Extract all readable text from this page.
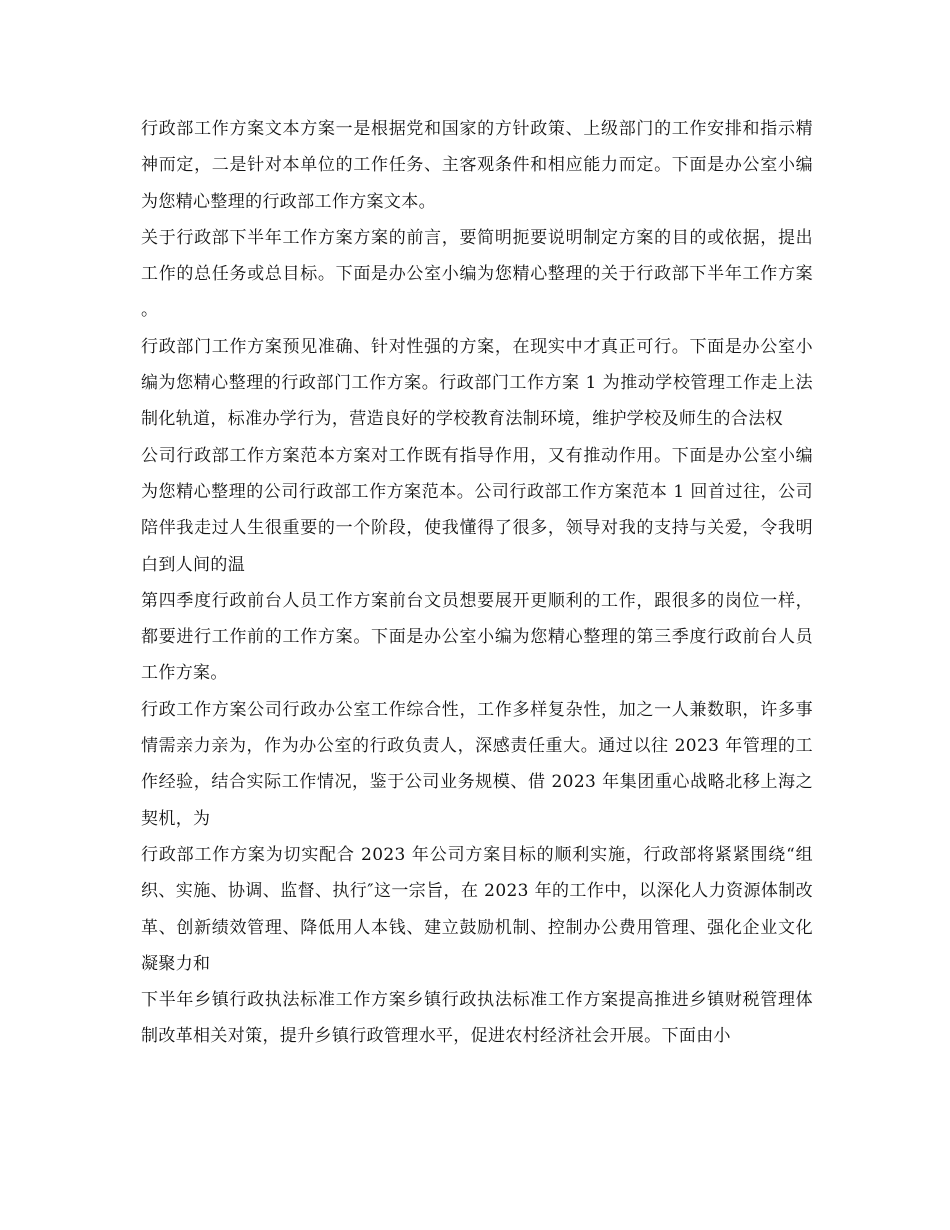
行政部工作方案文本方案一是根据党和国家的方针政策、上级部门的工作安排和指示精神而定，二是针对本单位的工作任务、主客观条件和相应能力而定。下面是办公室小编为您精心整理的行政部工作方案文本。

关于行政部下半年工作方案方案的前言，要简明扼要说明制定方案的目的或依据，提出工作的总任务或总目标。下面是办公室小编为您精心整理的关于行政部下半年工作方案。

行政部门工作方案预见准确、针对性强的方案，在现实中才真正可行。下面是办公室小编为您精心整理的行政部门工作方案。行政部门工作方案 1 为推动学校管理工作走上法制化轨道，标准办学行为，营造良好的学校教育法制环境，维护学校及师生的合法权

公司行政部工作方案范本方案对工作既有指导作用，又有推动作用。下面是办公室小编为您精心整理的公司行政部工作方案范本。公司行政部工作方案范本 1 回首过往，公司陪伴我走过人生很重要的一个阶段，使我懂得了很多，领导对我的支持与关爱，令我明白到人间的温

第四季度行政前台人员工作方案前台文员想要展开更顺利的工作，跟很多的岗位一样，都要进行工作前的工作方案。下面是办公室小编为您精心整理的第三季度行政前台人员工作方案。

行政工作方案公司行政办公室工作综合性，工作多样复杂性，加之一人兼数职，许多事情需亲力亲为，作为办公室的行政负责人，深感责任重大。通过以往 2023 年管理的工作经验，结合实际工作情况，鉴于公司业务规模、借 2023 年集团重心战略北移上海之契机，为

行政部工作方案为切实配合 2023 年公司方案目标的顺利实施，行政部将紧紧围绕“组织、实施、协调、监督、执行″这一宗旨，在 2023 年的工作中，以深化人力资源体制改革、创新绩效管理、降低用人本钱、建立鼓励机制、控制办公费用管理、强化企业文化凝聚力和

下半年乡镇行政执法标准工作方案乡镇行政执法标准工作方案提高推进乡镇财税管理体制改革相关对策，提升乡镇行政管理水平，促进农村经济社会开展。下面由小
